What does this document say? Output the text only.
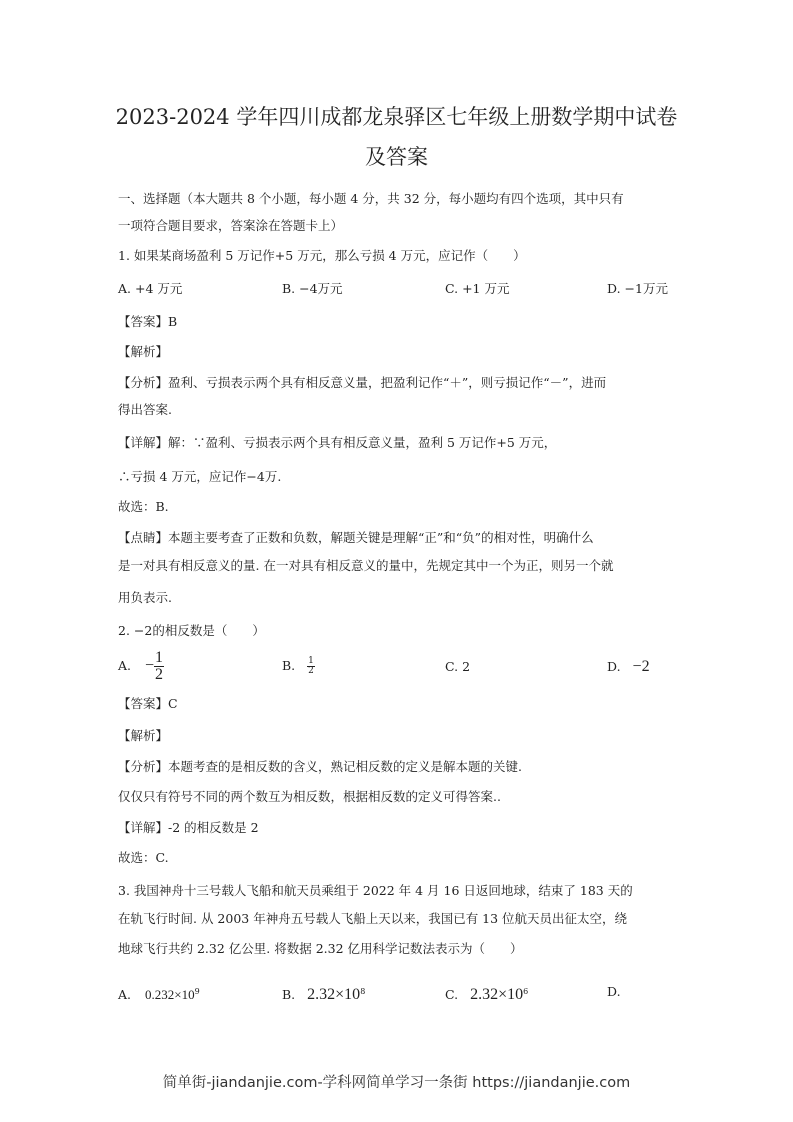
2023-2024 学年四川成都龙泉驿区七年级上册数学期中试卷
及答案
一、选择题（本大题共 8 个小题，每小题 4 分，共 32 分，每小题均有四个选项，其中只有
一项符合题目要求，答案涂在答题卡上）
1. 如果某商场盈利 5 万记作+5 万元，那么亏损 4 万元，应记作（　　）
A. +4 万元	B. −4万元	C. +1 万元	D. −1万元
【答案】B
【解析】
【分析】盈利、亏损表示两个具有相反意义量，把盈利记作“＋”，则亏损记作“－”，进而
得出答案.
【详解】解：∵盈利、亏损表示两个具有相反意义量，盈利 5 万记作+5 万元，
∴亏损 4 万元，应记作−4万.
故选：B.
【点睛】本题主要考查了正数和负数，解题关键是理解“正”和“负”的相对性，明确什么
是一对具有相反意义的量. 在一对具有相反意义的量中，先规定其中一个为正，则另一个就
用负表示.
2. −2的相反数是（　　）
A. − $\frac{1}{2}$	B. $\frac{1}{2}$	C. 2	D. −2
【答案】C
【解析】
【分析】本题考查的是相反数的含义，熟记相反数的定义是解本题的关键.
仅仅只有符号不同的两个数互为相反数，根据相反数的定义可得答案..
【详解】-2 的相反数是 2
故选：C.
3. 我国神舟十三号载人飞船和航天员乘组于 2022 年 4 月 16 日返回地球，结束了 183 天的
在轨飞行时间. 从 2003 年神舟五号载人飞船上天以来，我国已有 13 位航天员出征太空，绕
地球飞行共约 2.32 亿公里. 将数据 2.32 亿用科学记数法表示为（　　）
A. $0.232\times 10^9$	B. $2.32\times 10^8$	C. $2.32\times 10^6$	D.
简单街-jiandanjie.com-学科网简单学习一条街 https://jiandanjie.com
